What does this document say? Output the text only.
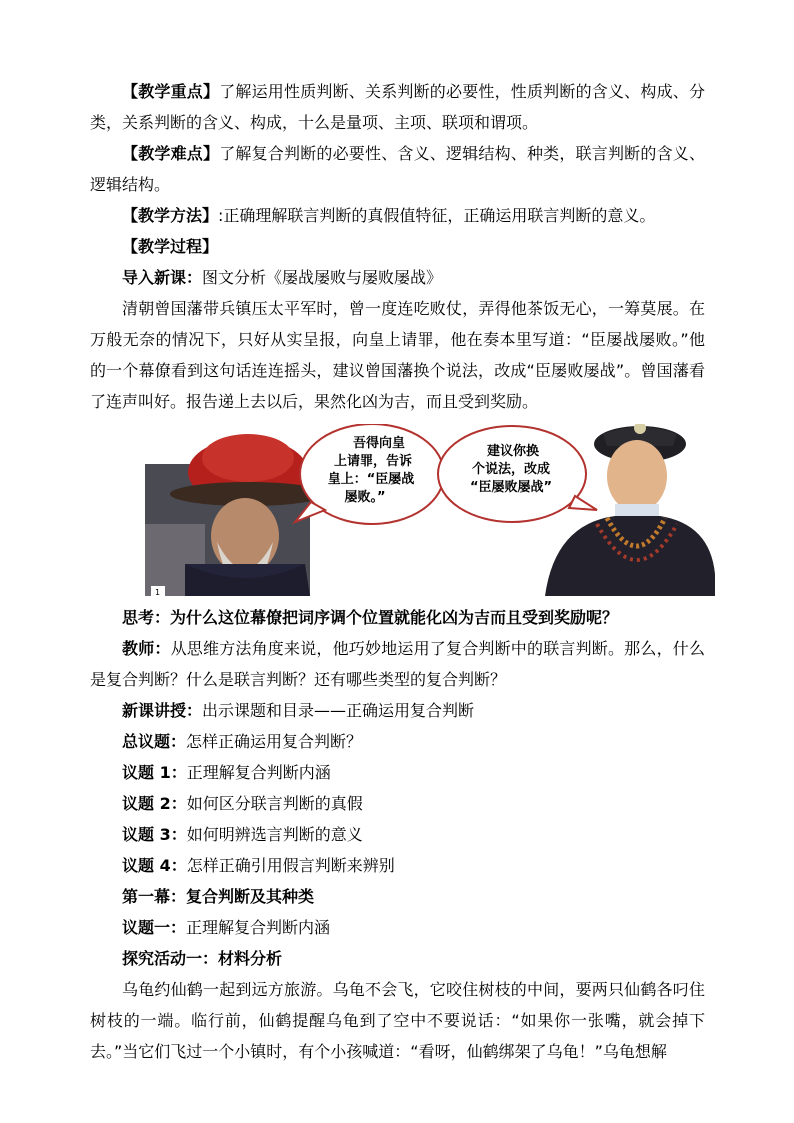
【教学重点】了解运用性质判断、关系判断的必要性，性质判断的含义、构成、分类，关系判断的含义、构成，十么是量项、主项、联项和谓项。

【教学难点】了解复合判断的必要性、含义、逻辑结构、种类，联言判断的含义、逻辑结构。

【教学方法】:正确理解联言判断的真假值特征，正确运用联言判断的意义。

【教学过程】
导入新课：图文分析《屡战屡败与屡败屡战》

清朝曾国藩带兵镇压太平军时，曾一度连吃败仗，弄得他茶饭无心，一筹莫展。在万般无奈的情况下，只好从实呈报，向皇上请罪，他在奏本里写道：“臣屡战屡败。”他的一个幕僚看到这句话连连摇头，建议曾国藩换个说法，改成“臣屡败屡战”。曾国藩看了连声叫好。报告递上去以后，果然化凶为吉，而且受到奖励。

吾得向皇
上请罪，告诉
皇上：“臣屡战
屡败。”
建议你换
个说法，改成
“臣屡败屡战”
1
思考：为什么这位幕僚把词序调个位置就能化凶为吉而且受到奖励呢？

教师：从思维方法角度来说，他巧妙地运用了复合判断中的联言判断。那么，什么是复合判断？什么是联言判断？还有哪些类型的复合判断？

新课讲授：出示课题和目录——正确运用复合判断
总议题：怎样正确运用复合判断？
议题 1：正理解复合判断内涵
议题 2：如何区分联言判断的真假
议题 3：如何明辨选言判断的意义
议题 4：怎样正确引用假言判断来辨别
第一幕：复合判断及其种类
议题一：正理解复合判断内涵
探究活动一：材料分析

乌龟约仙鹤一起到远方旅游。乌龟不会飞，它咬住树枝的中间，要两只仙鹤各叼住树枝的一端。临行前，仙鹤提醒乌龟到了空中不要说话：“如果你一张嘴，就会掉下去。”当它们飞过一个小镇时，有个小孩喊道：“看呀，仙鹤绑架了乌龟！”乌龟想解
